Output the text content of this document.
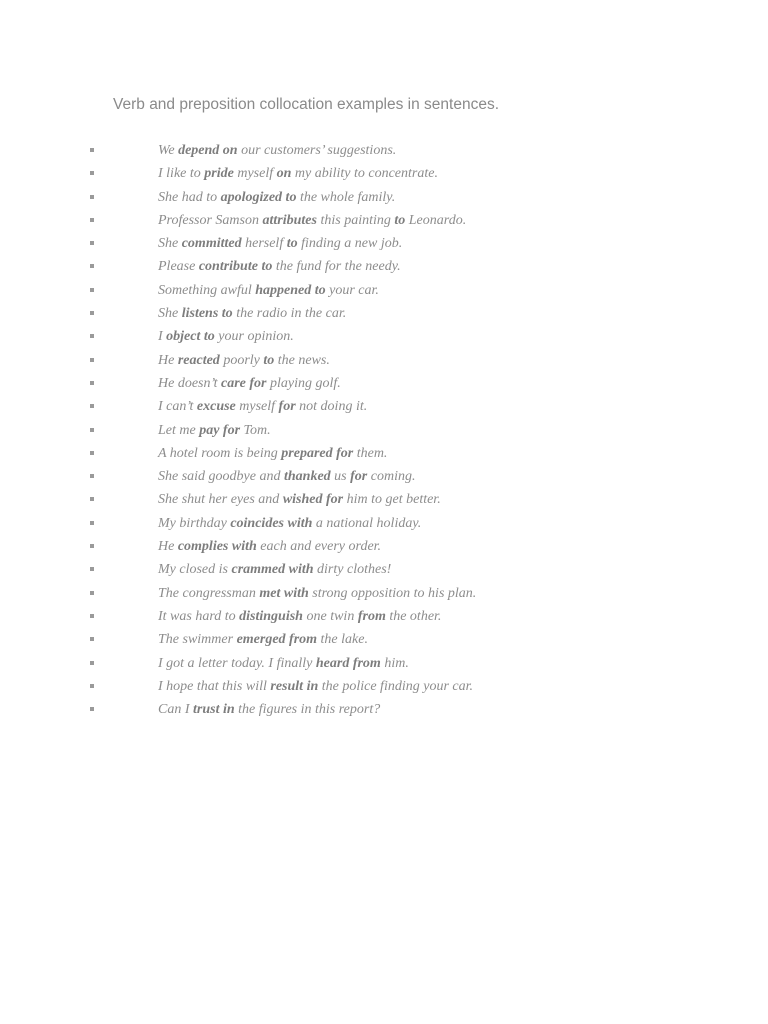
Verb and preposition collocation examples in sentences.
We depend on our customers’ suggestions.
I like to pride myself on my ability to concentrate.
She had to apologized to the whole family.
Professor Samson attributes this painting to Leonardo.
She committed herself to finding a new job.
Please contribute to the fund for the needy.
Something awful happened to your car.
She listens to the radio in the car.
I object to your opinion.
He reacted poorly to the news.
He doesn’t care for playing golf.
I can’t excuse myself for not doing it.
Let me pay for Tom.
A hotel room is being prepared for them.
She said goodbye and thanked us for coming.
She shut her eyes and wished for him to get better.
My birthday coincides with a national holiday.
He complies with each and every order.
My closed is crammed with dirty clothes!
The congressman met with strong opposition to his plan.
It was hard to distinguish one twin from the other.
The swimmer emerged from the lake.
I got a letter today. I finally heard from him.
I hope that this will result in the police finding your car.
Can I trust in the figures in this report?
